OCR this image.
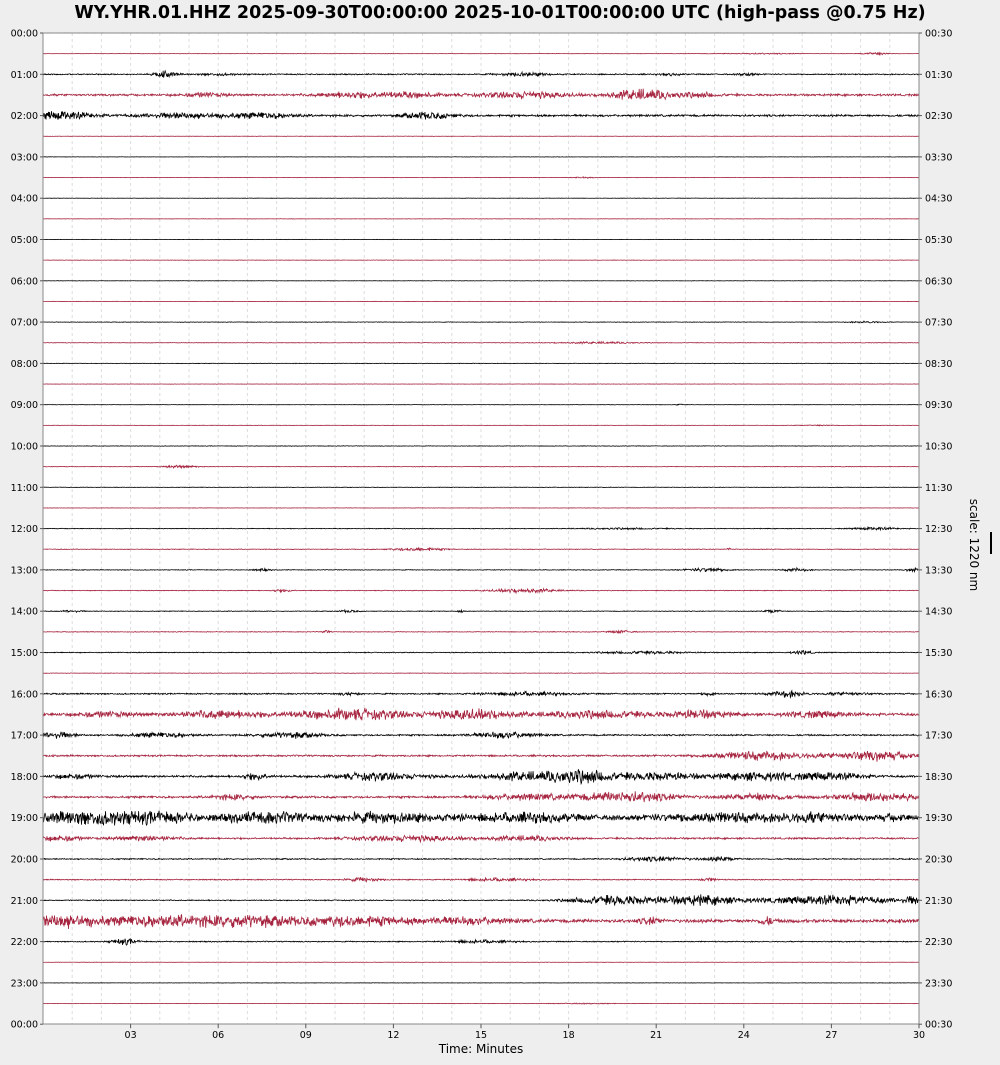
WY.YHR.01.HHZ 2025-09-30T00:00:00 2025-10-01T00:00:00 UTC (high-pass @0.75 Hz)
00:00
01:00
02:00
03:00
04:00
05:00
06:00
07:00
08:00
09:00
10:00
11:00
12:00
13:00
14:00
15:00
16:00
17:00
18:00
19:00
20:00
21:00
22:00
23:00
00:00
00:30
01:30
02:30
03:30
04:30
05:30
06:30
07:30
08:30
09:30
10:30
11:30
12:30
13:30
14:30
15:30
16:30
17:30
18:30
19:30
20:30
21:30
22:30
23:30
00:30
03	06	09	12	15	18	21	24	27	30
Time: Minutes
scale: 1220 nm
